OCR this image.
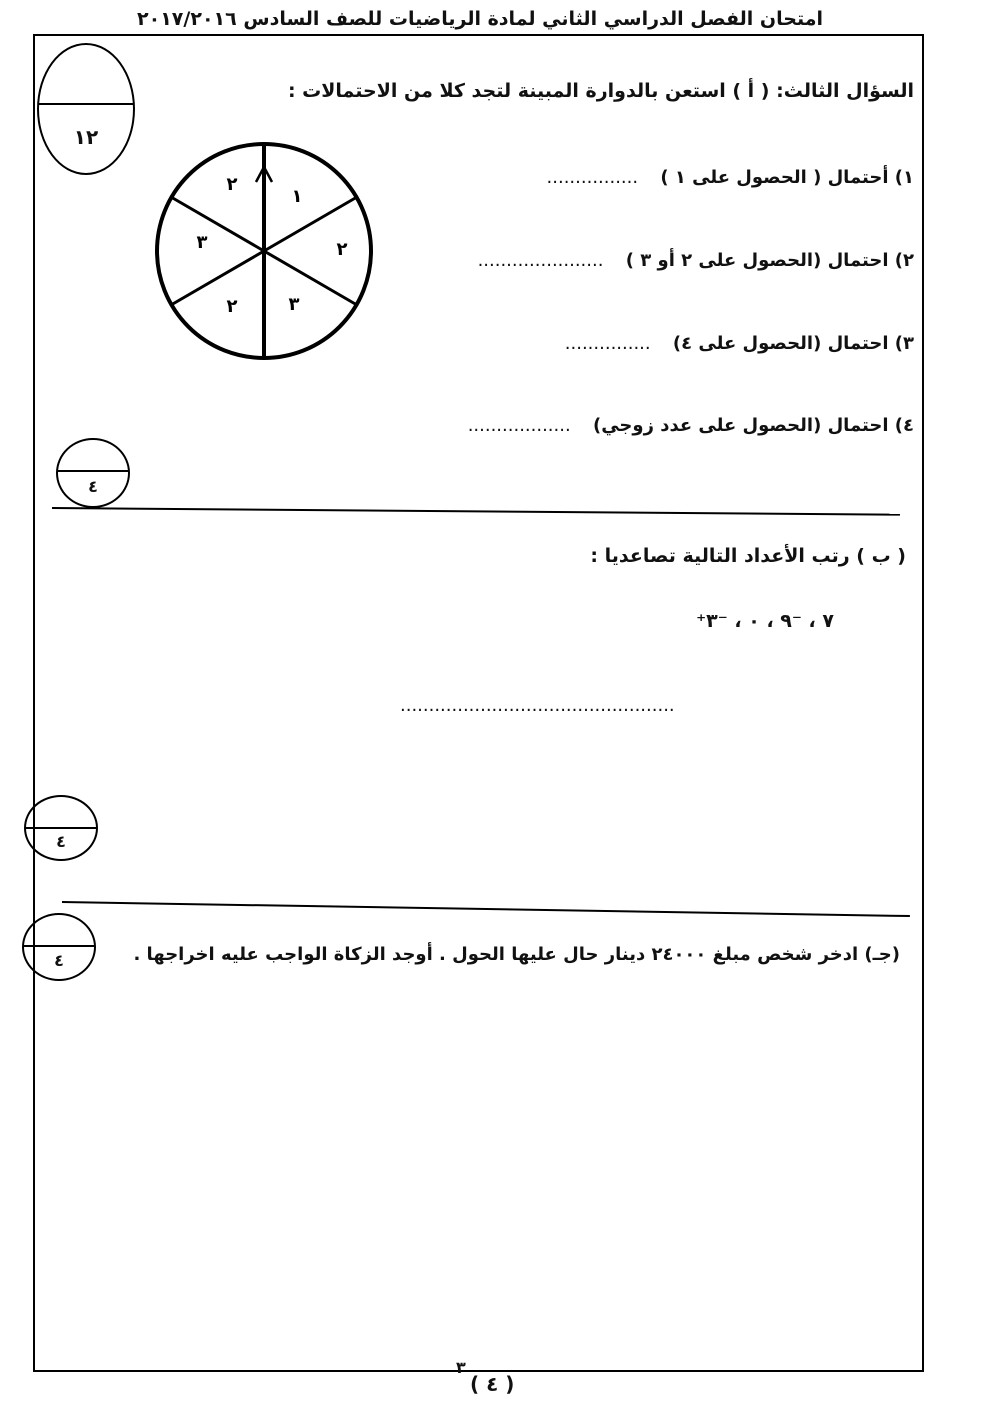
امتحان الفصل الدراسي الثاني لمادة الرياضيات للصف السادس ٢٠١٧/٢٠١٦
١٢
السؤال الثالث: ( أ ) استعن بالدوارة المبينة لتجد كلا من الاحتمالات :
١
٢
٣
٢
٣
٢	١) أحتمال ( الحصول على ١ ) ................
٢) احتمال (الحصول على ٢ أو ٣ ) ......................
٣) احتمال (الحصول على ٤) ...............
٤) احتمال (الحصول على عدد زوجي) ..................
٤
( ب ) رتب الأعداد التالية تصاعديا :
⁺٧ ، ⁻٩ ، ٠ ، ⁻٣
................................................
٤
٤	(جـ) ادخر شخص مبلغ ٢٤٠٠٠ دينار حال عليها الحول . أوجد الزكاة الواجب عليه اخراجها .
( ٤ )
٣
